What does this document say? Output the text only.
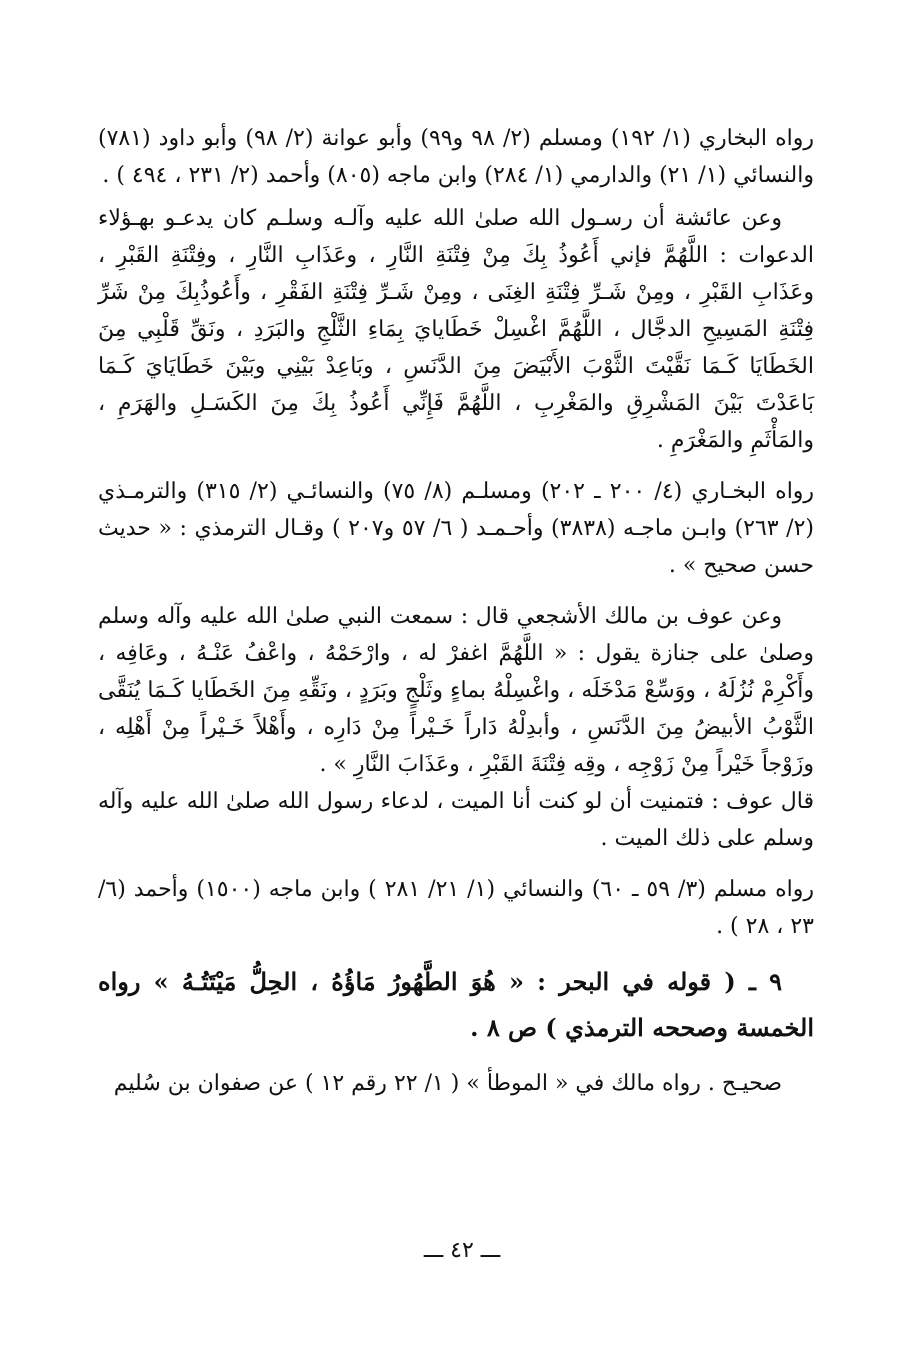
رواه البخاري (١/ ١٩٢) ومسلم (٢/ ٩٨ و٩٩) وأبو عوانة (٢/ ٩٨) وأبو داود (٧٨١) والنسائي (١/ ٢١) والدارمي (١/ ٢٨٤) وابن ماجه (٨٠٥) وأحمد (٢/ ٢٣١ ، ٤٩٤ ) .

وعن عائشة أن رسـول الله صلىٰ الله عليه وآلـه وسلـم كان يدعـو بهـؤلاء الدعوات : اللَّهُمَّ فإني أَعُوذُ بِكَ مِنْ فِتْنَةِ النَّارِ ، وعَذَابِ النَّارِ ، وفِتْنَةِ القَبْرِ ، وعَذَابِ القَبْرِ ، ومِنْ شَـرِّ فِتْنَةِ الغِنَى ، ومِنْ شَـرِّ فِتْنَةِ الفَقْرِ ، وأَعُوذُبِكَ مِنْ شَرِّ فِتْنَةِ المَسِيحِ الدجَّال ، اللَّهُمَّ اغْسِلْ خَطَايايَ بِمَاءِ الثَّلْجِ والبَرَدِ ، ونَقِّ قَلْبِي مِنَ الخَطَايَا كَـمَا نَقَّيْتَ الثَّوْبَ الأَبْيَضَ مِنَ الدَّنَسِ ، وبَاعِدْ بَيْنِي وبَيْنَ خَطَايَايَ كَـمَا بَاعَدْتَ بَيْنَ المَشْرِقِ والمَغْرِبِ ، اللَّهُمَّ فَإِنِّي أَعُوذُ بِكَ مِنَ الكَسَـلِ والهَرَمِ ، والمَأْثَمِ والمَغْرَمِ .

رواه البخـاري (٤/ ٢٠٠ ـ ٢٠٢) ومسلـم (٨/ ٧٥) والنسائـي (٢/ ٣١٥) والترمـذي (٢/ ٢٦٣) وابـن ماجـه (٣٨٣٨) وأحـمـد ( ٦/ ٥٧ و٢٠٧ ) وقـال الترمذي : « حديث حسن صحيح » .

وعن عوف بن مالك الأشجعي قال : سمعت النبي صلىٰ الله عليه وآله وسلم وصلىٰ على جنازة يقول : « اللَّهُمَّ اغفرْ له ، وارْحَمْهُ ، واعْفُ عَنْـهُ ، وعَافِه ، وأَكْرِمْ نُزُلَهُ ، ووَسِّعْ مَدْخَلَه ، واغْسِلْهُ بماءٍ وثَلْجٍ وبَرَدٍ ، ونَقِّهِ مِنَ الخَطَايا كَـمَا يُنَقَّى الثَّوْبُ الأبيضُ مِنَ الدَّنَسِ ، وأبدِلْهُ دَاراً خَـيْراً مِنْ دَارِه ، وأَهْلاً خَـيْراً مِنْ أَهْلِه ، وزَوْجاً خَيْراً مِنْ زَوْجِه ، وقِه فِتْنَةَ القَبْرِ ، وعَذَابَ النَّارِ » .

قال عوف : فتمنيت أن لو كنت أنا الميت ، لدعاء رسول الله صلىٰ الله عليه وآله وسلم على ذلك الميت .

رواه مسلم (٣/ ٥٩ ـ ٦٠) والنسائي (١/ ٢١/ ٢٨١ ) وابن ماجه (١٥٠٠) وأحمد (٦/ ٢٣ ، ٢٨ ) .

٩ ـ ( قوله في البحر : « هُوَ الطَّهُورُ مَاؤُهُ ، الحِلُّ مَيْتَتُـهُ » رواه الخمسة وصححه الترمذي ) ص ٨ .

صحيـح . رواه مالك في « الموطأ » ( ١/ ٢٢ رقم ١٢ ) عن صفوان بن سُليم

ـــ ٤٢ ـــ
